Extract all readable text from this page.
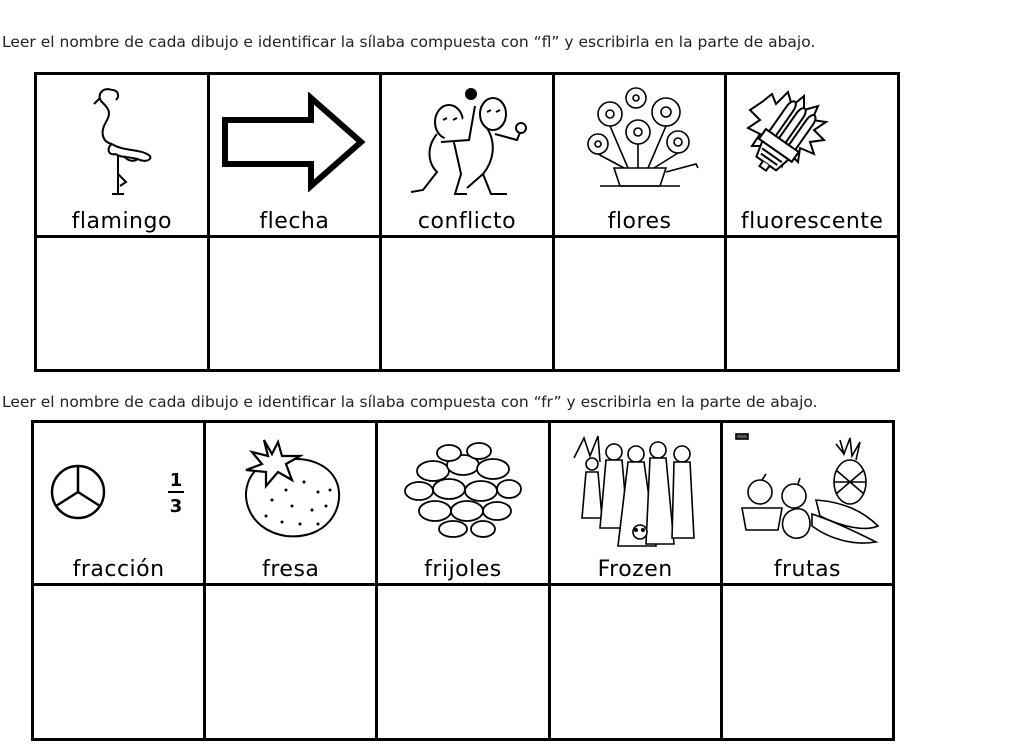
Leer el nombre de cada dibujo e identificar la sílaba compuesta con “fl” y escribirla en la parte de abajo.
flamingo	flecha	conflicto	flores	fluorescente

Leer el nombre de cada dibujo e identificar la sílaba compuesta con “fr” y escribirla en la parte de abajo.
1
3
fracción	fresa	frijoles	Frozen	frutas
